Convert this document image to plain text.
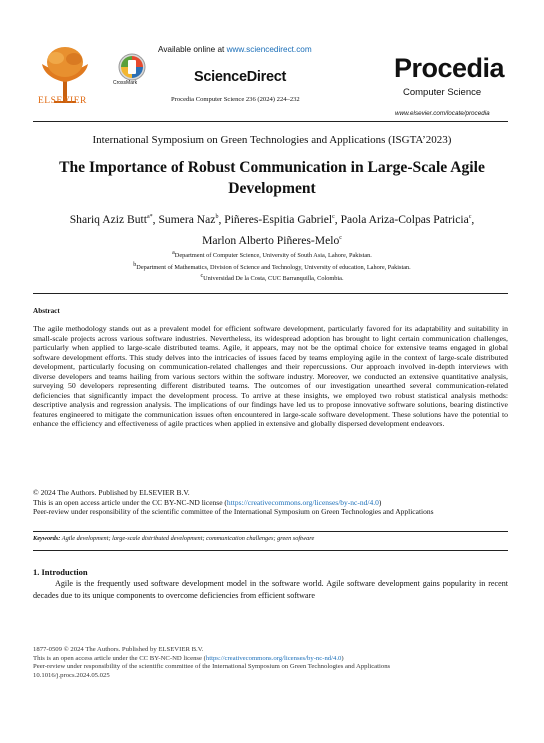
ELSEVIER
CrossMark
Available online at www.sciencedirect.com
ScienceDirect
Procedia Computer Science 236 (2024) 224–232
Procedia
Computer Science
www.elsevier.com/locate/procedia
International Symposium on Green Technologies and Applications (ISGTA’2023)
The Importance of Robust Communication in Large-Scale Agile
Development
Shariq Aziz Butt$^{a*}$, Sumera Naz$^b$, Piñeres-Espitia Gabriel$^c$, Paola Ariza-Colpas Patricia$^c$,
Marlon Alberto Piñeres-Melo$^c$
$^a$Department of Computer Science, University of South Asia, Lahore, Pakistan.
$^b$Department of Mathematics, Division of Science and Technology, University of education, Lahore, Pakistan.
$^c$Universidad De la Costa, CUC Barranquilla, Colombia.
Abstract
The agile methodology stands out as a prevalent model for efficient software development, particularly favored for its adaptability and suitability in small-scale projects across various software industries. Nevertheless, its widespread adoption has brought to light certain communication challenges, particularly when applied to large-scale distributed teams. Agile, it appears, may not be the optimal choice for extensive teams engaged in global software development efforts. This study delves into the intricacies of issues faced by teams employing agile in the context of large-scale distributed development, particularly focusing on communication-related challenges and their repercussions. Our approach involved in-depth interviews with diverse developers and teams hailing from various sectors within the software industry. Moreover, we conducted an extensive quantitative analysis, surveying 50 developers representing different distributed teams. The outcomes of our investigation unearthed several communication-related deficiencies that significantly impact the development process. To arrive at these insights, we employed two robust statistical analysis methods: descriptive analysis and regression analysis. The implications of our findings have led us to propose innovative software solutions, bearing distinctive features engineered to mitigate the communication issues often encountered in large-scale software development. These solutions have the potential to enhance the efficiency and effectiveness of agile practices when applied in extensive and globally dispersed development endeavors.
© 2024 The Authors. Published by ELSEVIER B.V.
This is an open access article under the CC BY-NC-ND license (https://creativecommons.org/licenses/by-nc-nd/4.0)
Peer-review under responsibility of the scientific committee of the International Symposium on Green Technologies and Applications
Keywords: Agile development; large-scale distributed development; communication challenges; green software
1. Introduction
Agile is the frequently used software development model in the software world. Agile software development gains popularity in recent decades due to its unique components to overcome deficiencies from efficient software
1877-0509 © 2024 The Authors. Published by ELSEVIER B.V.
This is an open access article under the CC BY-NC-ND license (https://creativecommons.org/licenses/by-nc-nd/4.0)
Peer-review under responsibility of the scientific committee of the International Symposium on Green Technologies and Applications
10.1016/j.procs.2024.05.025
